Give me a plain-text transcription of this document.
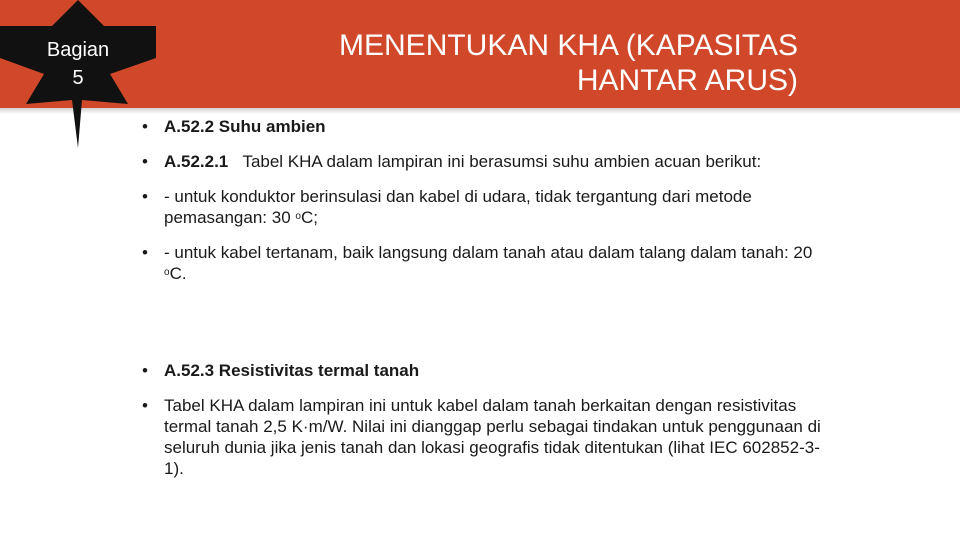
Bagian
5
MENENTUKAN KHA (KAPASITAS
HANTAR ARUS)
• A.52.2 Suhu ambien
• A.52.2.1 Tabel KHA dalam lampiran ini berasumsi suhu ambien acuan berikut:
• - untuk konduktor berinsulasi dan kabel di udara, tidak tergantung dari metode pemasangan: 30 $^o$C;
• - untuk kabel tertanam, baik langsung dalam tanah atau dalam talang dalam tanah: 20 $^o$C.
• A.52.3 Resistivitas termal tanah
• Tabel KHA dalam lampiran ini untuk kabel dalam tanah berkaitan dengan resistivitas termal tanah 2,5 K·m/W. Nilai ini dianggap perlu sebagai tindakan untuk penggunaan di seluruh dunia jika jenis tanah dan lokasi geografis tidak ditentukan (lihat IEC 602852-3-1).
